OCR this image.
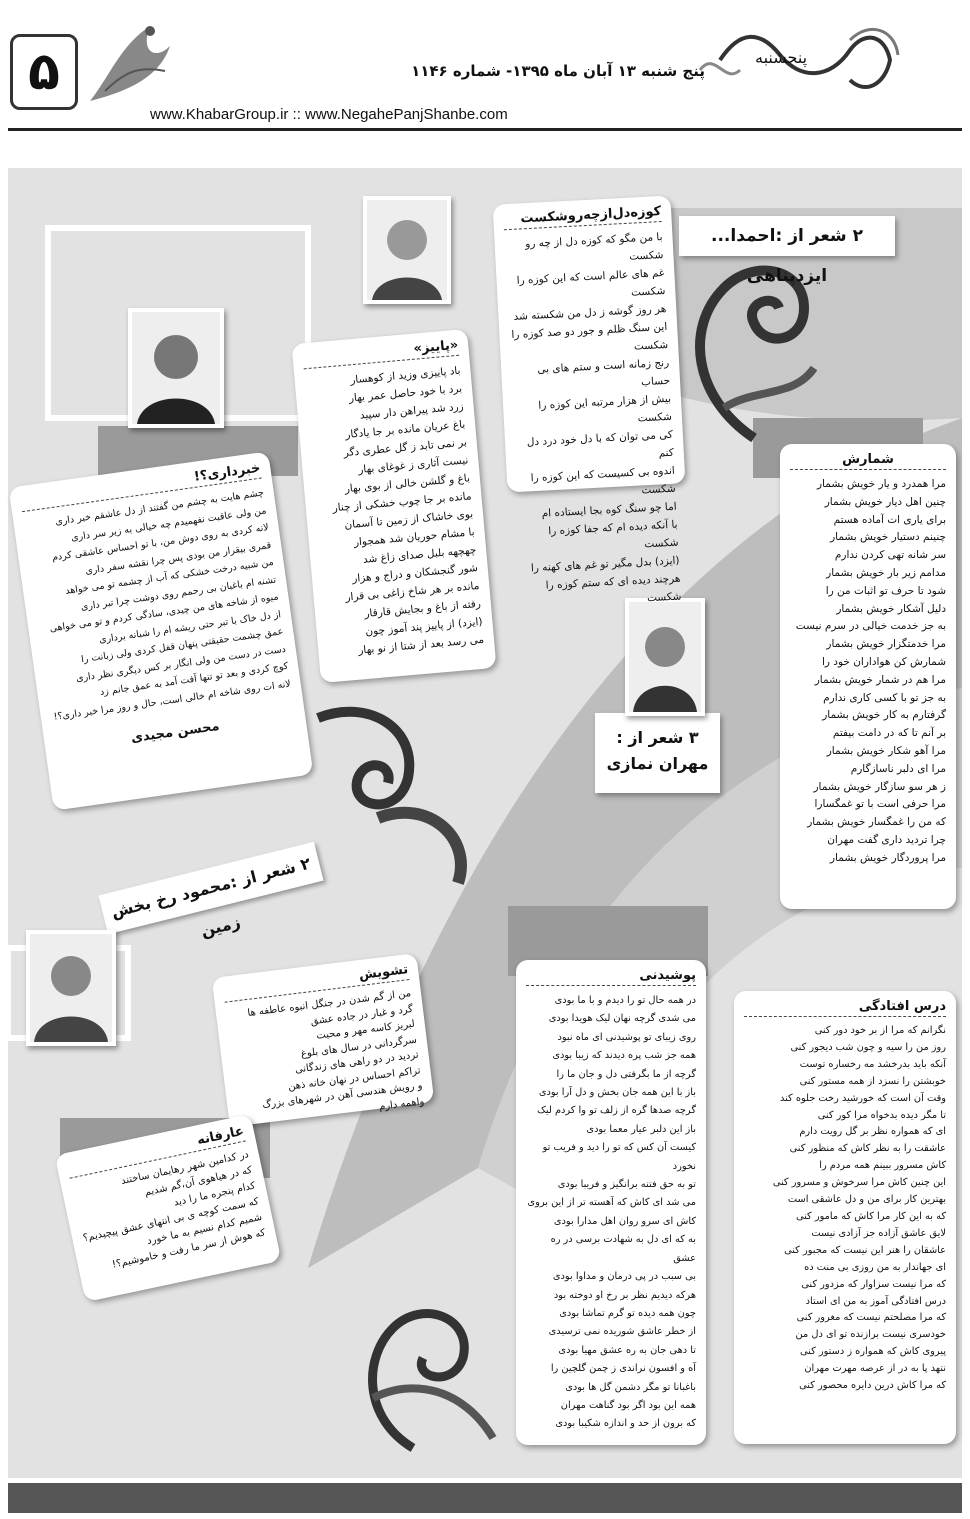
۵	پنج شنبه ۱۳ آبان ماه ۱۳۹۵- شماره ۱۱۴۶
www.KhabarGroup.ir :: www.NegahePanjShanbe.com
پنجشنبه
۲ شعر از :احمدا... ایزدپناهی
۳ شعر از :
مهران نمازی
۲ شعر از :محمود رخ بخش زمین
کوزه‌دل‌ازچه‌رو‌شکست
با من مگو که کوزه دل از چه رو شکست
غم های عالم است که این کوزه را شکست
هر روز گوشه ز دل من شکسته شد
این سنگ ظلم و جور دو صد کوزه را شکست
رنج زمانه است و ستم های بی حساب
بیش از هزار مرتبه این کوزه را شکست
کی می توان که با دل خود درد دل کنم
اندوه بی کسیست که این کوزه را شکست
اما چو سنگ کوه بجا ایستاده ام
با آنکه دیده ام که جفا کوزه را شکست
(ایزد) بدل مگیر تو غم های کهنه را
هرچند دیده ای که ستم کوزه را شکست
«پاییز»
باد پاییزی وزید از کوهسار
برد با خود حاصل عمر بهار
زرد شد پیراهن دار سپید
باغ عریان مانده بر جا یادگار
بر نمی تابد ز گل عطری دگر
نیست آثاری ز غوغای بهار
باغ و گلشن خالی از بوی بهار
مانده بر جا چوب خشکی از چنار
بوی خاشاک از زمین تا آسمان
با مشام حوریان شد همجوار
چهچهه بلبل صدای زاغ شد
شور گنجشکان و دراج و هزار
مانده بر هر شاخ زاغی بی قرار
رفته از باغ و بجایش قارقار
(ایزد) از پاییز پند آموز چون
می رسد بعد از شتا از نو بهار
خبرداری؟!
چشم هایت به چشم من گفتند از دل عاشقم خبر داری
من ولی عاقبت نفهمیدم چه خیالی به زیر سر داری
لانه کردی به روی دوش من، با تو احساس عاشقی کردم
قمری بیقرار من بودی پس چرا نقشه سفر داری
من شبیه درخت خشکی که آب از چشمه تو می خواهد
تشنه ام باغبان بی رحمم روی دوشت چرا تبر داری
میوه از شاخه های من چیدی، سادگی کردم و تو می خواهی
از دل خاک با تبر حتی ریشه ام را شبانه برداری
عمق چشمت حقیقتی پنهان قفل کردی ولی زبانت را
دست در دست من ولی انگار بر کس دیگری نظر داری
کوچ کردی و بعد تو تنها آفت آمد به عمق جانم زد
لانه ات روی شاخه ام خالی است، حال و روز مرا خبر داری؟!
محسن مجیدی
شمارش
مرا همدرد و یار خویش بشمار
چنین اهل دیار خویش بشمار
برای یاری ات آماده هستم
چنینم دستیار خویش بشمار
سر شانه تهی کردن ندارم
مدامم زیر بار خویش بشمار
شود تا حرف تو اثبات من را
دلیل آشکار خویش بشمار
به جز خدمت خیالی در سرم نیست
مرا خدمتگزار خویش بشمار
شمارش کن هواداران خود را
مرا هم در شمار خویش بشمار
به جز تو با کسی کاری ندارم
گرفتارم به کار خویش بشمار
بر آنم تا که در دامت بیفتم
مرا آهو شکار خویش بشمار
مرا ای دلبر ناسازگارم
ز هر سو سازگار خویش بشمار
مرا حرفی است با تو غمگسارا
که من را غمگسار خویش بشمار
چرا تردید داری گفت مهران
مرا پروردگار خویش بشمار
تشویش
من از گم شدن در جنگل انبوه عاطفه ها
گرد و غبار در جاده عشق
لبریز کاسه مهر و محبت
سرگردانی در سال های بلوغ
تردید در دو راهی های زندگانی
تراکم احساس در نهان خانه ذهن
و رویش هندسی آهن در شهرهای بزرگ
واهمه دارم
عارفانه
در کدامین شهر رهایمان ساختند
که در هیاهوی آن،گم شدیم
کدام پنجره ما را دید
که سمت کوچه ی بی انتهای عشق پیچیدیم؟
شمیم کدام نسیم به ما خورد
که هوش از سر ما رفت و خاموشیم؟!
پوشیدنی
در همه حال تو را دیدم و با ما بودی
می شدی گرچه نهان لیک هویدا بودی
روی زیبای تو پوشیدنی ای ماه نبود
همه جز شب پره دیدند که زیبا بودی
گرچه از ما بگرفتی دل و جان ما را
باز با این همه جان بخش و دل آرا بودی
گرچه صدها گره از زلف تو وا کردم لیک
باز این دلبر عیار معما بودی
کیست آن کس که تو را دید و فریب تو نخورد
تو به حق فتنه برانگیز و فریبا بودی
می شد ای کاش که آهسته تر از این بروی
کاش ای سرو روان اهل مدارا بودی
به که ای دل به شهادت برسی در ره عشق
بی سبب در پی درمان و مداوا بودی
هرکه دیدیم نظر بر رخ او دوخته بود
چون همه دیده تو گرم تماشا بودی
از خطر عاشق شوریده نمی ترسیدی
تا دهی جان به ره عشق مهیا بودی
آه و افسون نراندی ز چمن گلچین را
باغبانا تو مگر دشمن گل ها بودی
همه این بود اگر بود گناهت مهران
که برون از حد و اندازه شکیبا بودی
درس افتادگی
نگرانم که مرا از بر خود دور کنی
روز من را سیه و چون شب دیجور کنی
آنکه باید بدرخشد مه رخساره توست
خوبشتن را نسزد از همه مستور کنی
وقت آن است که خورشید رخت جلوه کند
تا مگر دیده بدخواه مرا کور کنی
ای که همواره نظر بر گل رویت دارم
عاشقت را به نظر کاش که منظور کنی
کاش مسرور ببینم همه مردم را
این چنین کاش مرا سرخوش و مسرور کنی
بهترین کار برای من و دل عاشقی است
که به این کار مرا کاش که مامور کنی
لایق عاشق آزاده جز آزادی نیست
عاشقان را هنر این نیست که مجبور کنی
ای جهاندار به من روزی بی منت ده
که مرا نیست سزاوار که مزدور کنی
درس افتادگی آموز به من ای استاد
که مرا مصلحتم نیست که مغرور کنی
خودسری نیست برازنده تو ای دل من
پیروی کاش که همواره ز دستور کنی
نتهد پا به در از عرصه مهرت مهران
که مرا کاش درین دایره محصور کنی
